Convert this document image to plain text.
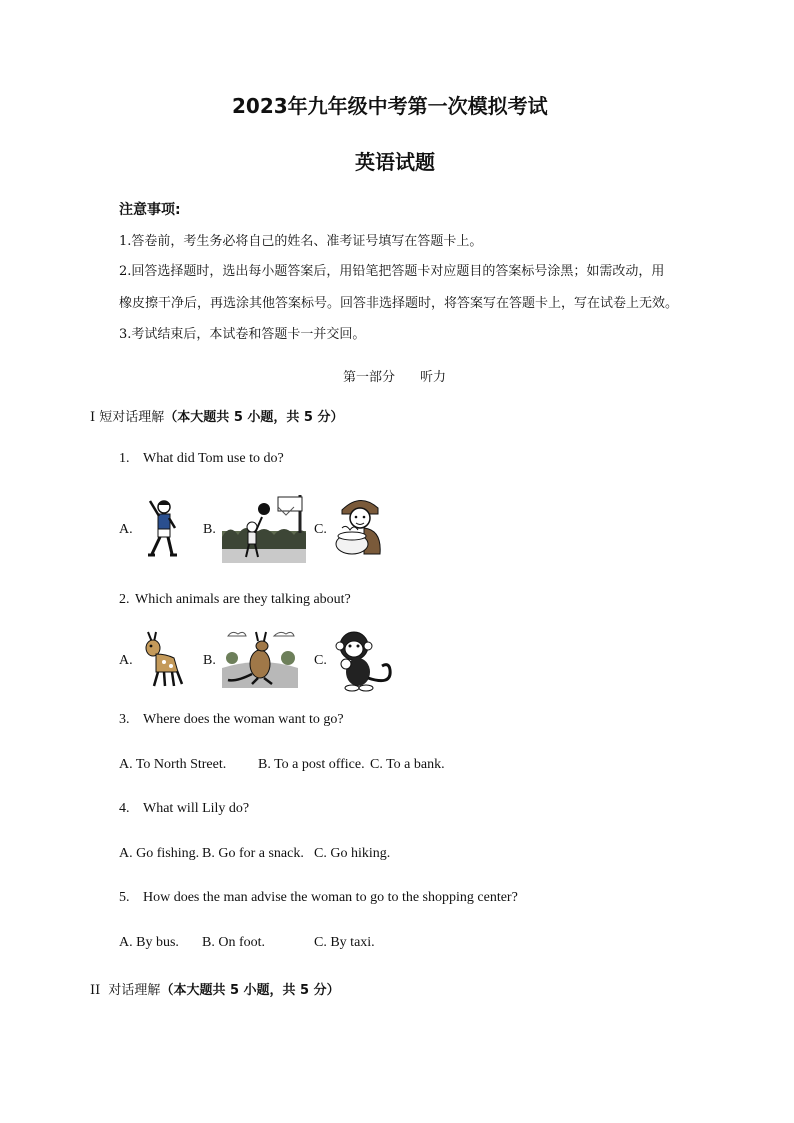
2023年九年级中考第一次模拟考试
英语试题
注意事项:
1.答卷前，考生务必将自己的姓名、准考证号填写在答题卡上。
2.回答选择题时，选出每小题答案后，用铅笔把答题卡对应题目的答案标号涂黑；如需改动，用
橡皮擦干净后，再选涂其他答案标号。回答非选择题时，将答案写在答题卡上，写在试卷上无效。
3.考试结束后，本试卷和答题卡一并交回。
第一部分 听力
I 短对话理解（本大题共 5 小题，共 5 分）
1. What did Tom use to do?
A.	B.	C.
2. Which animals are they talking about?
A.	B.	C.
3. Where does the woman want to go?
A. To North Street. B. To a post office. C. To a bank.
4. What will Lily do?
A. Go fishing. B. Go for a snack. C. Go hiking.
5. How does the man advise the woman to go to the shopping center?
A. By bus. B. On foot.	C. By taxi.
II 对话理解（本大题共 5 小题，共 5 分）
